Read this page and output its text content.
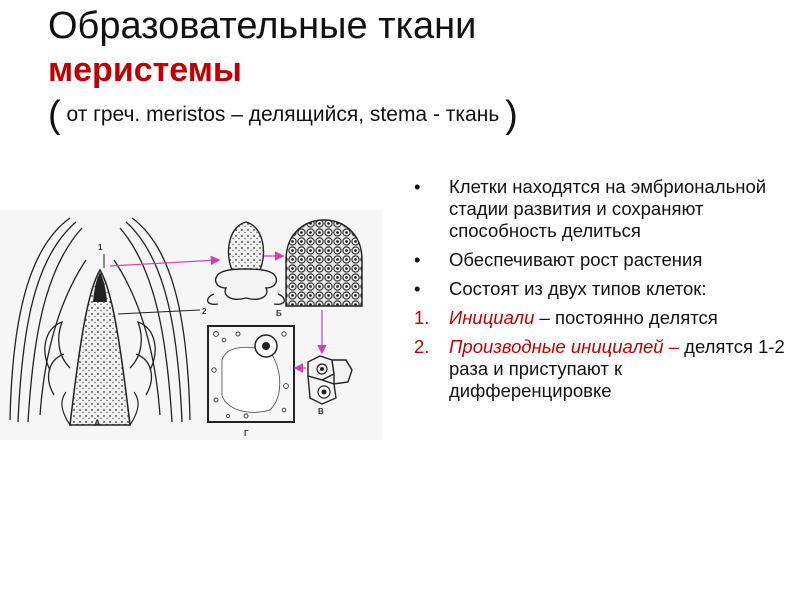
Образовательные ткани
меристемы
( от греч. meristos – делящийся, stema - ткань )
1
2
А
Б
Г
В
• Клетки находятся на эмбриональной стадии развития и сохраняют способность делиться
• Обеспечивают рост растения
• Состоят из двух типов клеток:
1. Инициали – постоянно делятся
2. Производные инициалей – делятся 1-2 раза и приступают к дифференцировке
